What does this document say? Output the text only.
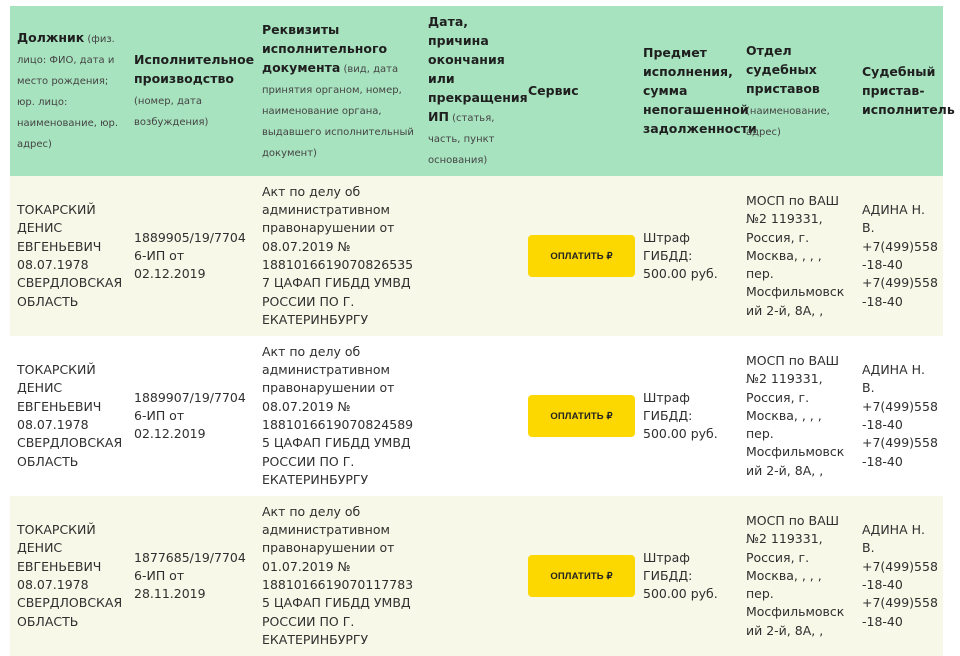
Должник (физ. лицо: ФИО, дата и место рождения; юр. лицо: наименование, юр. адрес)	Исполнительное производство (номер, дата возбуждения)	Реквизиты исполнительного документа (вид, дата принятия органом, номер, наименование органа, выдавшего исполнительный документ)	Дата, причина окончания или прекращения ИП (статья, часть, пункт основания)	Сервис	Предмет исполнения, сумма непогашенной задолженности	Отдел судебных приставов (наименование, адрес)	Судебный пристав-исполнитель
ТОКАРСКИЙ ДЕНИС ЕВГЕНЬЕВИЧ 08.07.1978 СВЕРДЛОВСКАЯ ОБЛАСТЬ	1889905/19/77046-ИП от 02.12.2019	Акт по делу об административном правонарушении от 08.07.2019 № 18810166190708265357 ЦАФАП ГИБДД УМВД РОССИИ ПО Г. ЕКАТЕРИНБУРГУ		ОПЛАТИТЬ ₽	Штраф ГИБДД: 500.00 руб.	МОСП по ВАШ №2 119331, Россия, г. Москва, , , , пер. Мосфильмовский 2-й, 8А, ,	АДИНА Н. В. +7(499)558-18-40 +7(499)558-18-40
ТОКАРСКИЙ ДЕНИС ЕВГЕНЬЕВИЧ 08.07.1978 СВЕРДЛОВСКАЯ ОБЛАСТЬ	1889907/19/77046-ИП от 02.12.2019	Акт по делу об административном правонарушении от 08.07.2019 № 18810166190708245895 ЦАФАП ГИБДД УМВД РОССИИ ПО Г. ЕКАТЕРИНБУРГУ		ОПЛАТИТЬ ₽	Штраф ГИБДД: 500.00 руб.	МОСП по ВАШ №2 119331, Россия, г. Москва, , , , пер. Мосфильмовский 2-й, 8А, ,	АДИНА Н. В. +7(499)558-18-40 +7(499)558-18-40
ТОКАРСКИЙ ДЕНИС ЕВГЕНЬЕВИЧ 08.07.1978 СВЕРДЛОВСКАЯ ОБЛАСТЬ	1877685/19/77046-ИП от 28.11.2019	Акт по делу об административном правонарушении от 01.07.2019 № 18810166190701177835 ЦАФАП ГИБДД УМВД РОССИИ ПО Г. ЕКАТЕРИНБУРГУ		ОПЛАТИТЬ ₽	Штраф ГИБДД: 500.00 руб.	МОСП по ВАШ №2 119331, Россия, г. Москва, , , , пер. Мосфильмовский 2-й, 8А, ,	АДИНА Н. В. +7(499)558-18-40 +7(499)558-18-40
